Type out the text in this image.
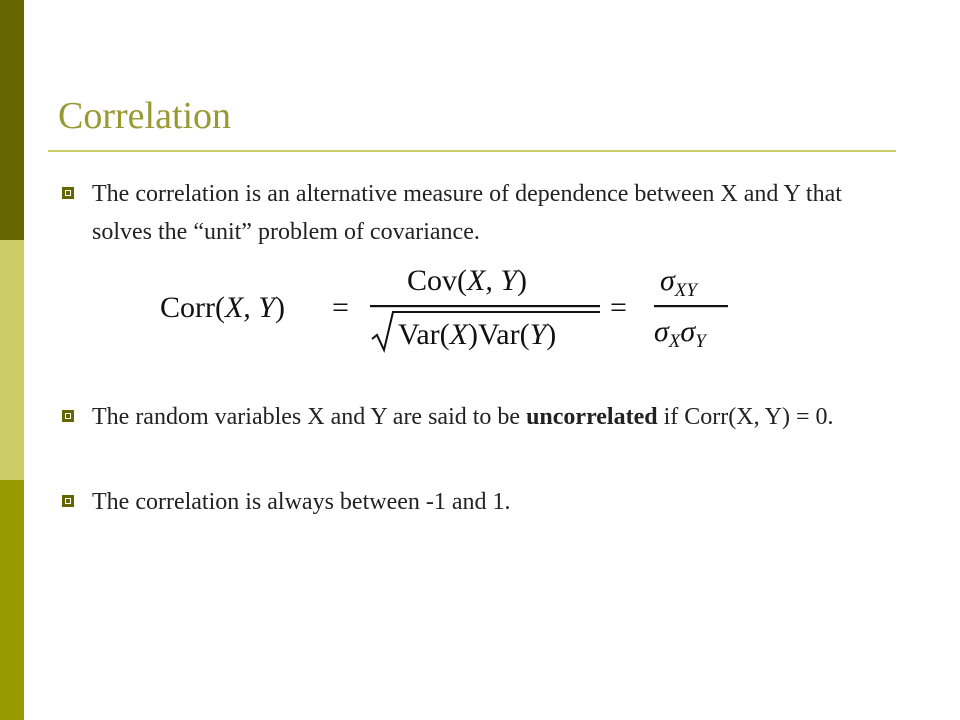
Correlation
The correlation is an alternative measure of dependence between X and Y that solves the “unit” problem of covariance.
Corr(X, Y) =
Cov(X, Y)
Var(X)Var(Y)
=
$\sigma_{XY}$
$\sigma_X\sigma_Y$
The random variables X and Y are said to be uncorrelated if Corr(X, Y) = 0.
The correlation is always between -1 and 1.
